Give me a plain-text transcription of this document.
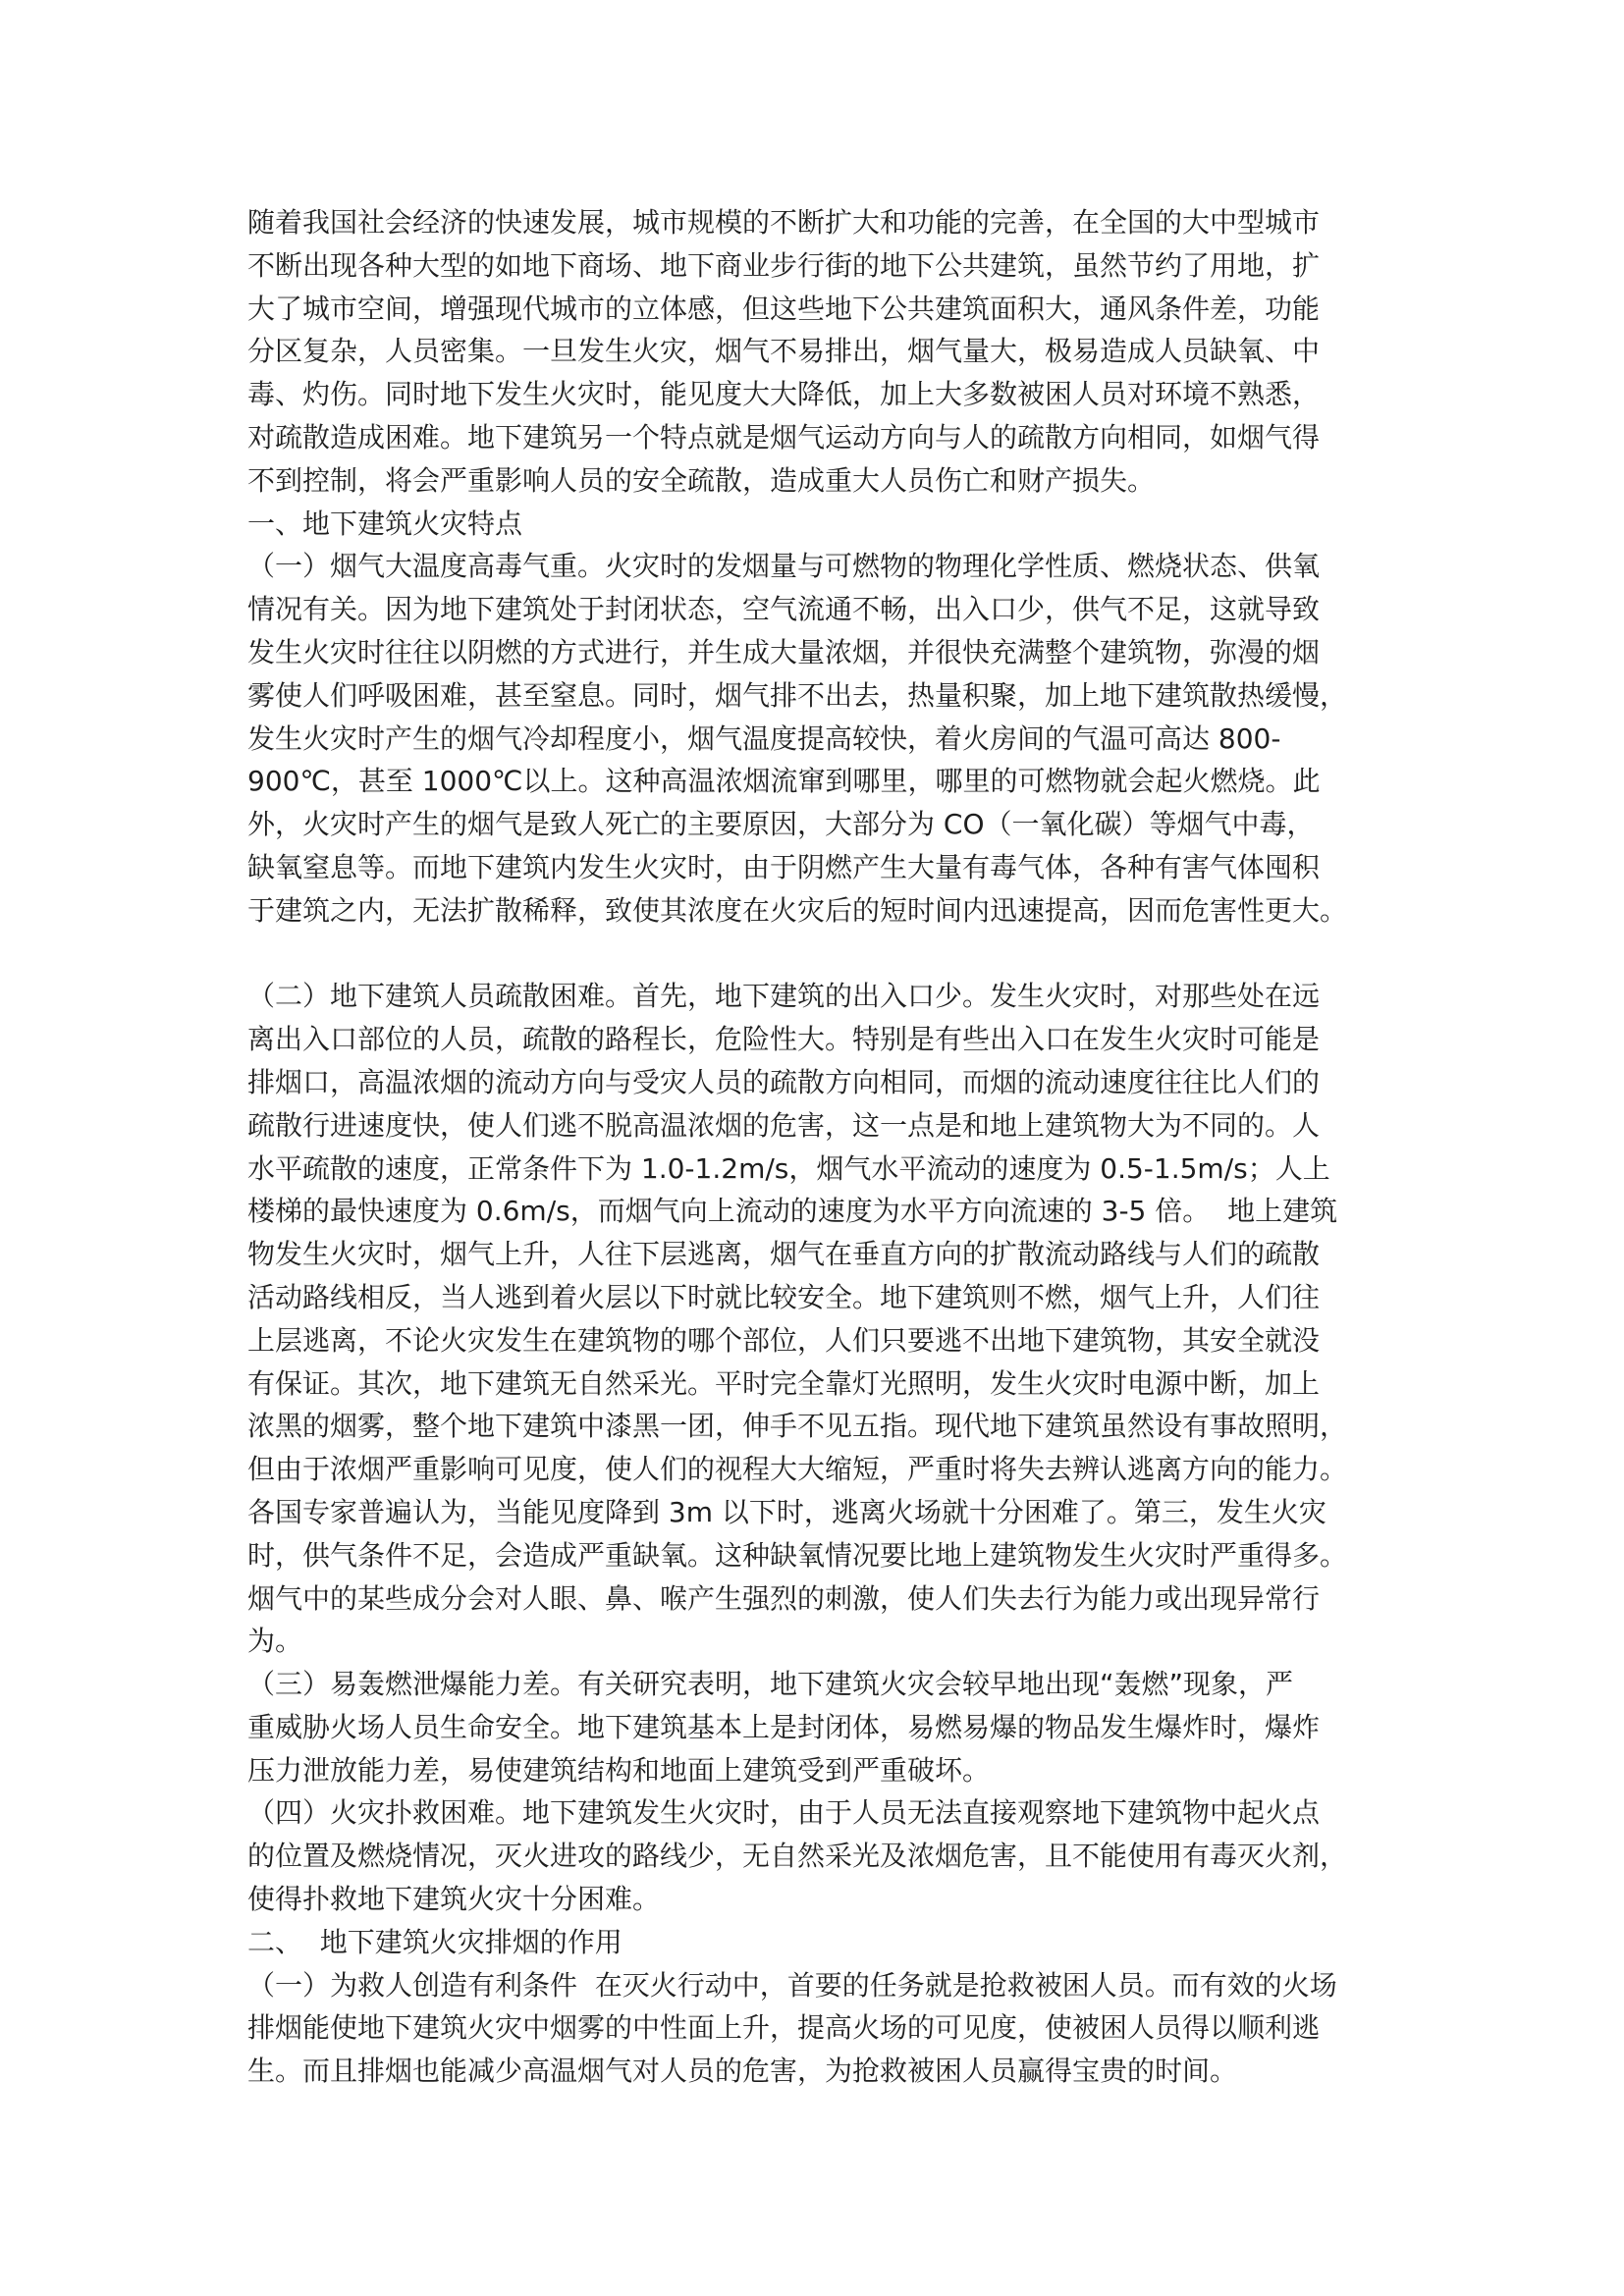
随着我国社会经济的快速发展，城市规模的不断扩大和功能的完善，在全国的大中型城市
不断出现各种大型的如地下商场、地下商业步行街的地下公共建筑，虽然节约了用地，扩
大了城市空间，增强现代城市的立体感，但这些地下公共建筑面积大，通风条件差，功能
分区复杂，人员密集。一旦发生火灾，烟气不易排出，烟气量大，极易造成人员缺氧、中
毒、灼伤。同时地下发生火灾时，能见度大大降低，加上大多数被困人员对环境不熟悉，
对疏散造成困难。地下建筑另一个特点就是烟气运动方向与人的疏散方向相同，如烟气得
不到控制，将会严重影响人员的安全疏散，造成重大人员伤亡和财产损失。
一、地下建筑火灾特点
（一）烟气大温度高毒气重。火灾时的发烟量与可燃物的物理化学性质、燃烧状态、供氧
情况有关。因为地下建筑处于封闭状态，空气流通不畅，出入口少，供气不足，这就导致
发生火灾时往往以阴燃的方式进行，并生成大量浓烟，并很快充满整个建筑物，弥漫的烟
雾使人们呼吸困难，甚至窒息。同时，烟气排不出去，热量积聚，加上地下建筑散热缓慢，
发生火灾时产生的烟气冷却程度小，烟气温度提高较快，着火房间的气温可高达 800-
900℃，甚至 1000℃以上。这种高温浓烟流窜到哪里，哪里的可燃物就会起火燃烧。此
外，火灾时产生的烟气是致人死亡的主要原因，大部分为 CO（一氧化碳）等烟气中毒，
缺氧窒息等。而地下建筑内发生火灾时，由于阴燃产生大量有毒气体，各种有害气体囤积
于建筑之内，无法扩散稀释，致使其浓度在火灾后的短时间内迅速提高，因而危害性更大。
（二）地下建筑人员疏散困难。首先，地下建筑的出入口少。发生火灾时，对那些处在远
离出入口部位的人员，疏散的路程长，危险性大。特别是有些出入口在发生火灾时可能是
排烟口，高温浓烟的流动方向与受灾人员的疏散方向相同，而烟的流动速度往往比人们的
疏散行进速度快，使人们逃不脱高温浓烟的危害，这一点是和地上建筑物大为不同的。人
水平疏散的速度，正常条件下为 1.0-1.2m/s，烟气水平流动的速度为 0.5-1.5m/s；人上
楼梯的最快速度为 0.6m/s，而烟气向上流动的速度为水平方向流速的 3-5 倍。  地上建筑
物发生火灾时，烟气上升，人往下层逃离，烟气在垂直方向的扩散流动路线与人们的疏散
活动路线相反，当人逃到着火层以下时就比较安全。地下建筑则不燃，烟气上升，人们往
上层逃离，不论火灾发生在建筑物的哪个部位，人们只要逃不出地下建筑物，其安全就没
有保证。其次，地下建筑无自然采光。平时完全靠灯光照明，发生火灾时电源中断，加上
浓黑的烟雾，整个地下建筑中漆黑一团，伸手不见五指。现代地下建筑虽然设有事故照明，
但由于浓烟严重影响可见度，使人们的视程大大缩短，严重时将失去辨认逃离方向的能力。
各国专家普遍认为，当能见度降到 3m 以下时，逃离火场就十分困难了。第三，发生火灾
时，供气条件不足，会造成严重缺氧。这种缺氧情况要比地上建筑物发生火灾时严重得多。
烟气中的某些成分会对人眼、鼻、喉产生强烈的刺激，使人们失去行为能力或出现异常行
为。
（三）易轰燃泄爆能力差。有关研究表明，地下建筑火灾会较早地出现“轰燃”现象，严
重威胁火场人员生命安全。地下建筑基本上是封闭体，易燃易爆的物品发生爆炸时，爆炸
压力泄放能力差，易使建筑结构和地面上建筑受到严重破坏。
（四）火灾扑救困难。地下建筑发生火灾时，由于人员无法直接观察地下建筑物中起火点
的位置及燃烧情况，灭火进攻的路线少，无自然采光及浓烟危害，且不能使用有毒灭火剂，
使得扑救地下建筑火灾十分困难。
二、  地下建筑火灾排烟的作用
（一）为救人创造有利条件  在灭火行动中，首要的任务就是抢救被困人员。而有效的火场
排烟能使地下建筑火灾中烟雾的中性面上升，提高火场的可见度，使被困人员得以顺利逃
生。而且排烟也能减少高温烟气对人员的危害，为抢救被困人员赢得宝贵的时间。
